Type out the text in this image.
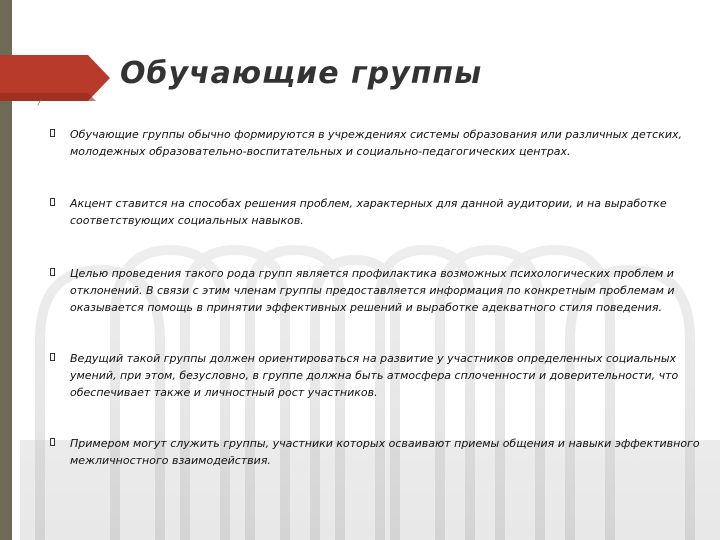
Обучающие группы
/
Обучающие группы обычно формируются в учреждениях системы образования или различных детских, молодежных образовательно-воспитательных и социально-педагогических центрах.
Акцент ставится на способах решения проблем, характерных для данной аудитории, и на выработке соответствующих социальных навыков.
Целью проведения такого рода групп является профилактика возможных психологических проблем и отклонений. В связи с этим членам группы предоставляется информация по конкретным проблемам и оказывается помощь в принятии эффективных решений и выработке адекватного стиля поведения.
Ведущий такой группы должен ориентироваться на развитие у участников определенных социальных умений, при этом, безусловно, в группе должна быть атмосфера сплоченности и доверительности, что обеспечивает также и личностный рост участников.
Примером могут служить группы, участники которых осваивают приемы общения и навыки эффективного межличностного взаимодействия.
